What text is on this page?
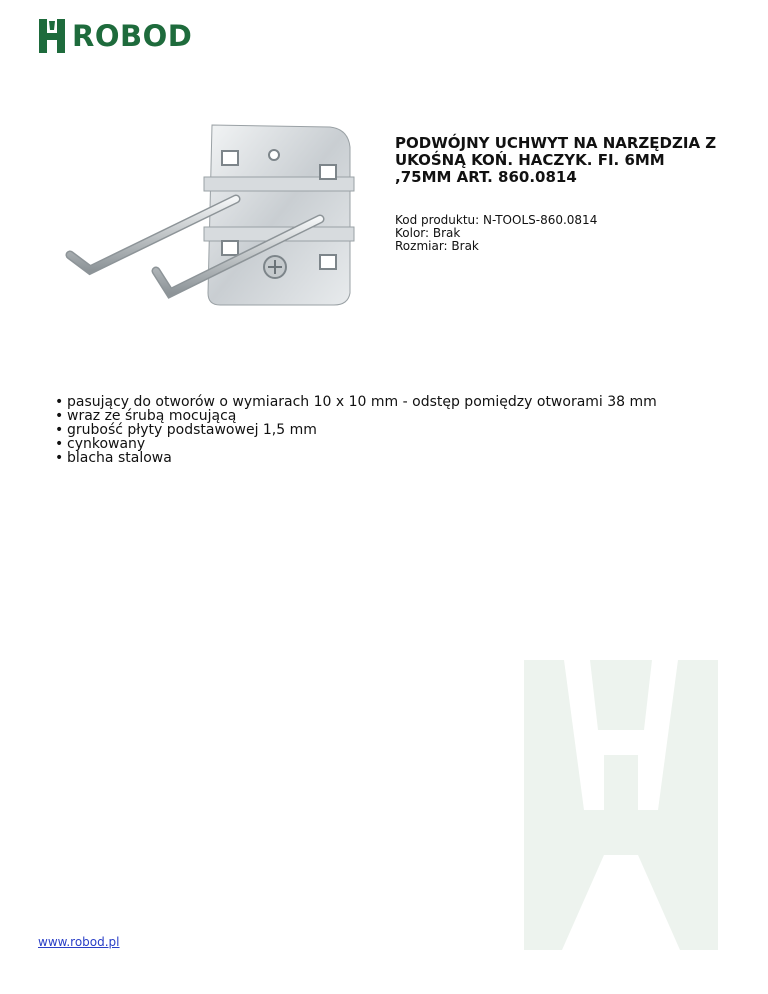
ROBOD
PODWÓJNY UCHWYT NA NARZĘDZIA Z UKOŚNĄ KOŃ. HACZYK. FI. 6MM ,75MM ART. 860.0814
Kod produktu: N-TOOLS-860.0814
Kolor: Brak
Rozmiar: Brak
• pasujący do otworów o wymiarach 10 x 10 mm - odstęp pomiędzy otworami 38 mm
• wraz ze śrubą mocującą
• grubość płyty podstawowej 1,5 mm
• cynkowany
• blacha stalowa
www.robod.pl
